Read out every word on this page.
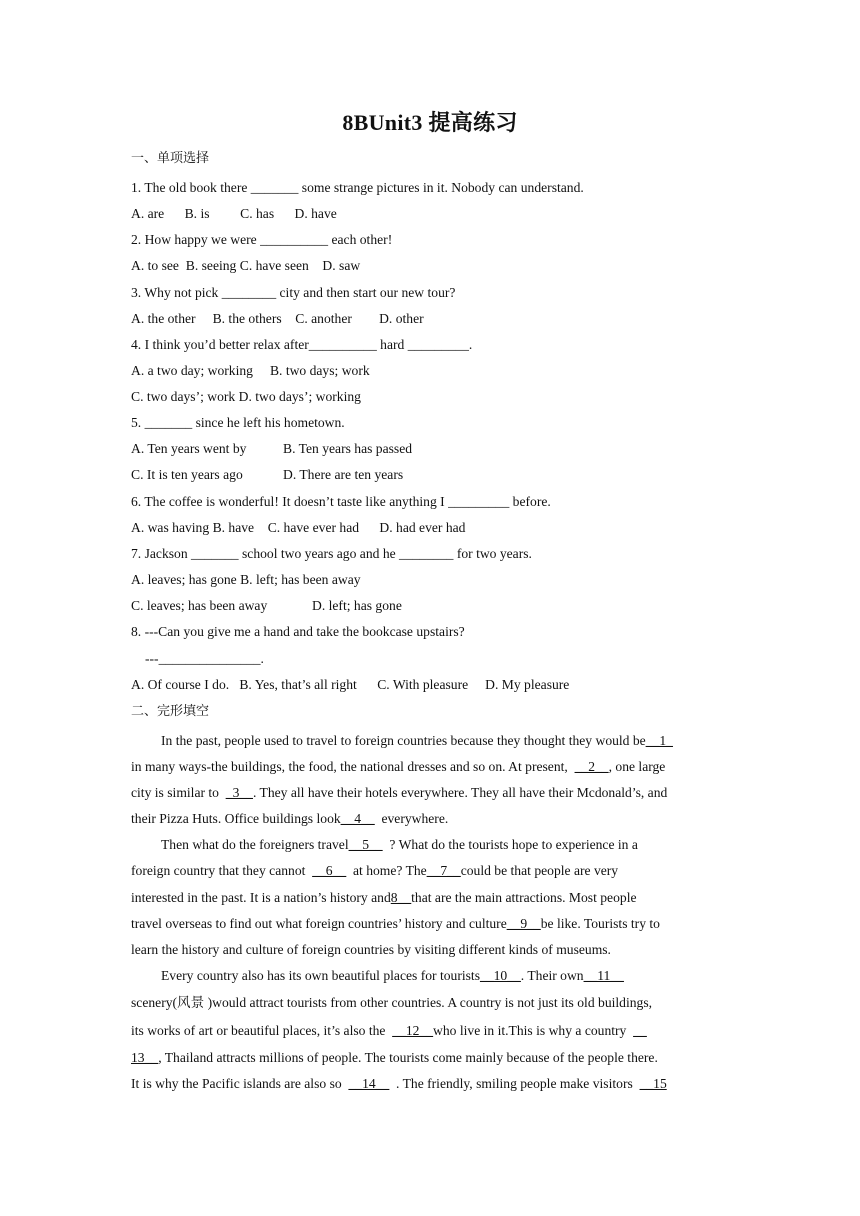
8BUnit3 提高练习
一、单项选择
1. The old book there _______ some strange pictures in it. Nobody can understand.
A. are B. is C. has D. have
2. How happy we were __________ each other!
A. to see B. seeing C. have seen D. saw
3. Why not pick ________ city and then start our new tour?
A. the other B. the others C. another D. other
4. I think you’d better relax after__________ hard _________.
A. a two day; working B. two days; work
C. two days’; work D. two days’; working
5. _______ since he left his hometown.
A. Ten years went by	B. Ten years has passed
C. It is ten years ago	D. There are ten years
6. The coffee is wonderful! It doesn’t taste like anything I _________ before.
A. was having B. have C. have ever had D. had ever had
7. Jackson _______ school two years ago and he ________ for two years.
A. leaves; has gone B. left; has been away
C. leaves; has been away	D. left; has gone
8. ---Can you give me a hand and take the bookcase upstairs?
---_______________.
A. Of course I do. B. Yes, that’s all right C. With pleasure D. My pleasure
二、完形填空
In the past, people used to travel to foreign countries because they thought they would be__1_
in many ways-the buildings, the food, the national dresses and so on. At present, __2__, one large
city is similar to _3__. They all have their hotels everywhere. They all have their Mcdonald’s, and
their Pizza Huts. Office buildings look__4__ everywhere.
Then what do the foreigners travel__5__ ? What do the tourists hope to experience in a
foreign country that they cannot __6__ at home? The__7__could be that people are very
interested in the past. It is a nation’s history and8__that are the main attractions. Most people
travel overseas to find out what foreign countries’ history and culture__9__be like. Tourists try to
learn the history and culture of foreign countries by visiting different kinds of museums.
Every country also has its own beautiful places for tourists__10__. Their own__11__
scenery(风景 )would attract tourists from other countries. A country is not just its old buildings,
its works of art or beautiful places, it’s also the __12__who live in it.This is why a country __
13__, Thailand attracts millions of people. The tourists come mainly because of the people there.
It is why the Pacific islands are also so __14__ . The friendly, smiling people make visitors __15
